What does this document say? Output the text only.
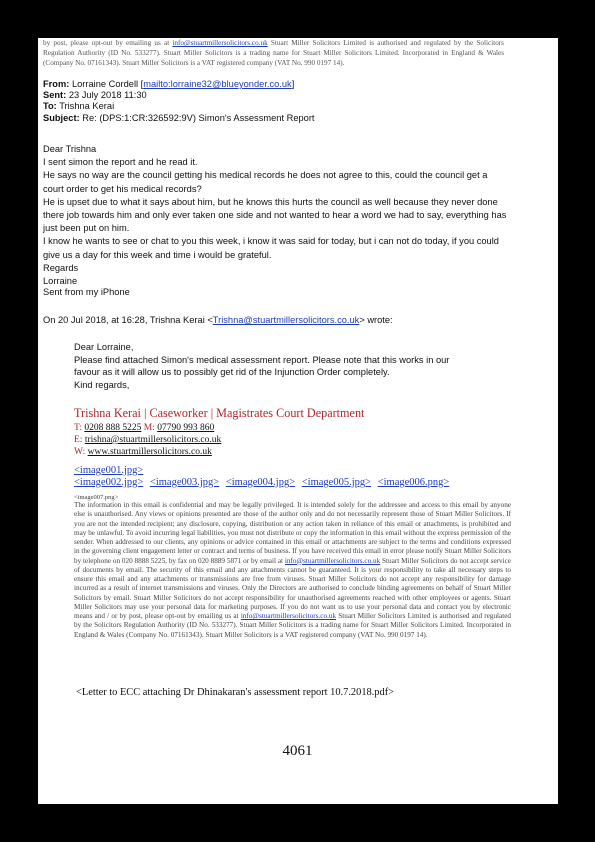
by post, please opt-out by emailing us at info@stuartmillersolicitors.co.uk Stuart Miller Solicitors Limited is authorised and regulated by the Solicitors Regulation Authority (ID No. 533277). Stuart Miller Solicitors is a trading name for Stuart Miller Solicitors Limited. Incorporated in England & Wales (Company No. 07161343). Stuart Miller Solicitors is a VAT registered company (VAT No. 990 0197 14).
From: Lorraine Cordell [mailto:lorraine32@blueyonder.co.uk]
Sent: 23 July 2018 11:30
To: Trishna Kerai
Subject: Re: (DPS:1:CR:326592:9V) Simon's Assessment Report

Dear Trishna

I sent simon the report and he read it.

He says no way are the council getting his medical records he does not agree to this, could the council get a court order to get his medical records?

He is upset due to what it says about him, but he knows this hurts the council as well because they never done there job towards him and only ever taken one side and not wanted to hear a word we had to say, everything has just been put on him.

I know he wants to see or chat to you this week, i know it was said for today, but i can not do today, if you could give us a day for this week and time i would be grateful.

Regards

Lorraine

Sent from my iPhone
On 20 Jul 2018, at 16:28, Trishna Kerai <Trishna@stuartmillersolicitors.co.uk> wrote:

Dear Lorraine,

Please find attached Simon's medical assessment report. Please note that this works in our favour as it will allow us to possibly get rid of the Injunction Order completely.

Kind regards,

Trishna Kerai | Caseworker | Magistrates Court Department
T: 0208 888 5225 M: 07790 993 860
E: trishna@stuartmillersolicitors.co.uk
W: www.stuartmillersolicitors.co.uk
<image001.jpg>
<image002.jpg> <image003.jpg> <image004.jpg> <image005.jpg> <image006.png>
<image007.png>
The information in this email is confidential and may be legally privileged. It is intended solely for the addressee and access to this email by anyone else is unauthorised. Any views or opinions presented are those of the author only and do not necessarily represent those of Stuart Miller Solicitors. If you are not the intended recipient; any disclosure, copying, distribution or any action taken in reliance of this email or attachments, is prohibited and may be unlawful. To avoid incurring legal liabilities, you must not distribute or copy the information in this email without the express permission of the sender. When addressed to our clients, any opinions or advice contained in this email or attachments are subject to the terms and conditions expressed in the governing client engagement letter or contract and terms of business. If you have received this email in error please notify Stuart Miller Solicitors by telephone on 020 8888 5225, by fax on 020 8889 5871 or by email at info@stuartmillersolicitors.co.uk Stuart Miller Solicitors do not accept service of documents by email. The security of this email and any attachments cannot be guaranteed. It is your responsibility to take all necessary steps to ensure this email and any attachments or transmissions are free from viruses. Stuart Miller Solicitors do not accept any responsibility for damage incurred as a result of internet transmissions and viruses. Only the Directors are authorised to conclude binding agreements on behalf of Stuart Miller Solicitors by email. Stuart Miller Solicitors do not accept responsibility for unauthorised agreements reached with other employees or agents. Stuart Miller Solicitors may use your personal data for marketing purposes. If you do not want us to use your personal data and contact you by electronic means and / or by post, please opt-out by emailing us at info@stuartmillersolicitors.co.uk Stuart Miller Solicitors Limited is authorised and regulated by the Solicitors Regulation Authority (ID No. 533277). Stuart Miller Solicitors is a trading name for Stuart Miller Solicitors Limited. Incorporated in England & Wales (Company No. 07161343). Stuart Miller Solicitors is a VAT registered company (VAT No. 990 0197 14).
<Letter to ECC attaching Dr Dhinakaran's assessment report 10.7.2018.pdf>
4061
